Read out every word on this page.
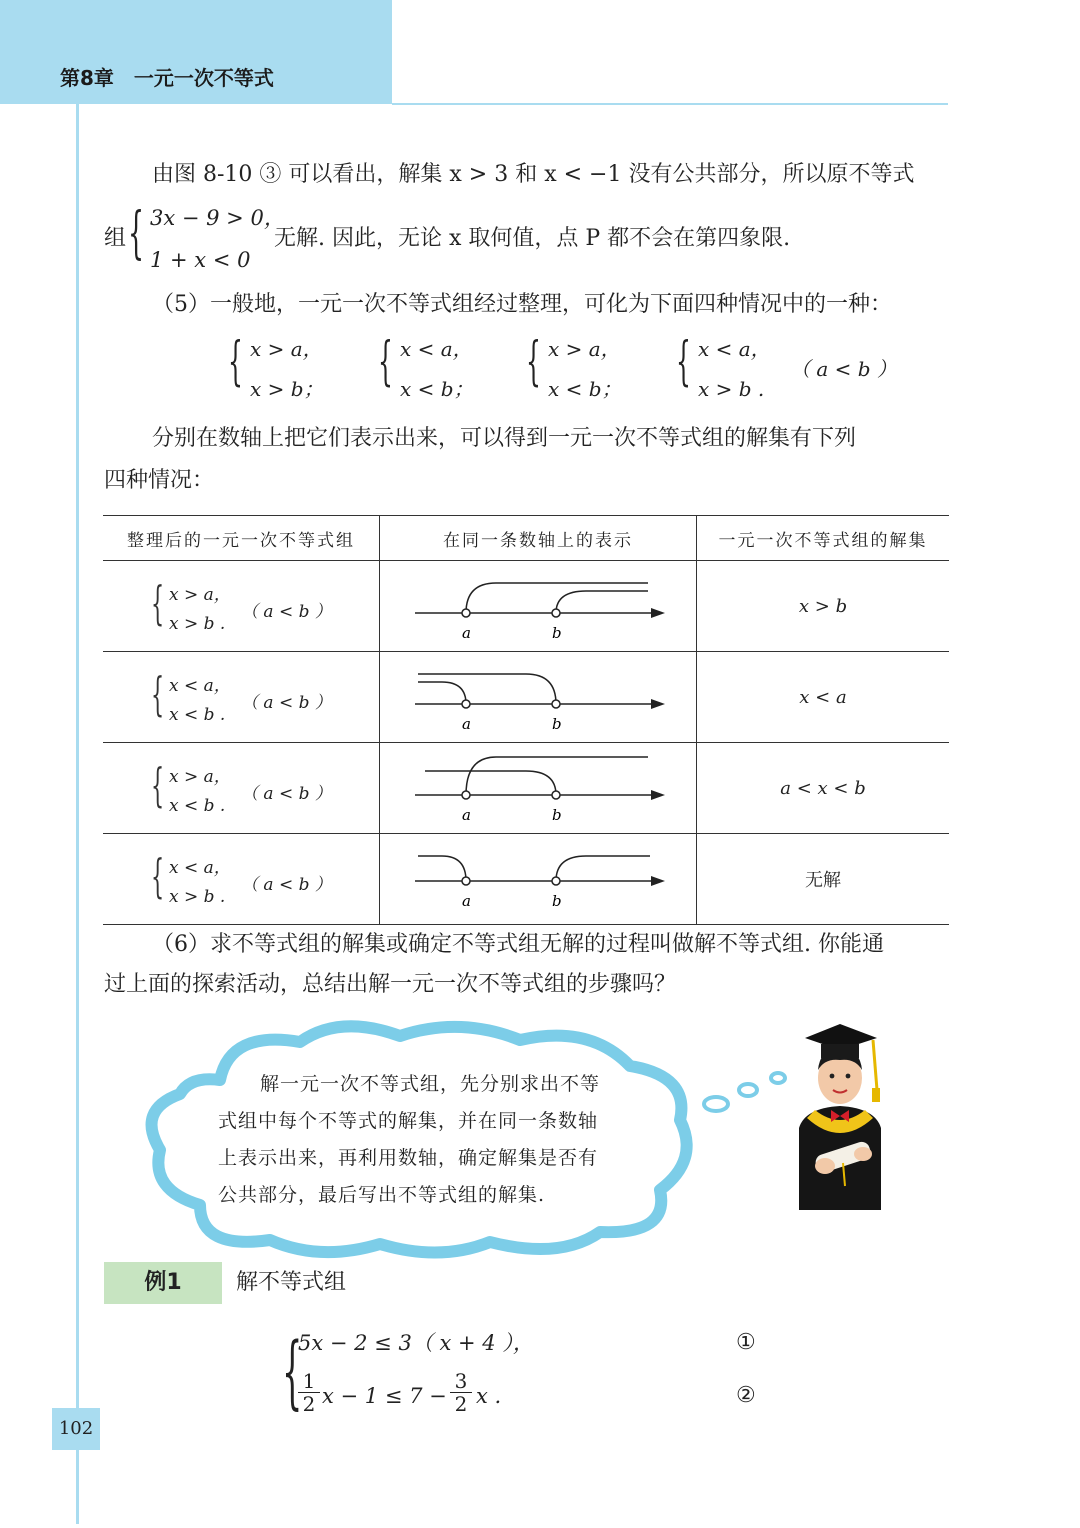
第8章　一元一次不等式
由图 8-10 ③ 可以看出，解集 x > 3 和 x < −1 没有公共部分，所以原不等式
组 { 3x − 9 > 0，
1 + x < 0
无解. 因此，无论 x 取何值，点 P 都不会在第四象限.
（5）一般地，一元一次不等式组经过整理，可化为下面四种情况中的一种：
{ x > a，
x > b； { x < a，
x < b； { x > a，
x < b； { x < a，
x > b .
（ a < b ）
分别在数轴上把它们表示出来，可以得到一元一次不等式组的解集有下列
四种情况：
整理后的一元一次不等式组	在同一条数轴上的表示	一元一次不等式组的解集

{ x > a，
x > b .
（ a < b ）	a b	x > b

{ x < a，
x < b .
（ a < b ）	a b	x < a

{ x > a，
x < b .
（ a < b ）	a b	a < x < b

{ x < a，
x > b .
（ a < b ）	a b	无解
（6）求不等式组的解集或确定不等式组无解的过程叫做解不等式组. 你能通
过上面的探索活动，总结出解一元一次不等式组的步骤吗？
解一元一次不等式组，先分别求出不等
式组中每个不等式的解集，并在同一条数轴
上表示出来，再利用数轴，确定解集是否有
公共部分，最后写出不等式组的解集.
例1	解不等式组
{
5x − 2 ≤ 3（ x + 4 ），	①
$\frac{1}{2}$ $x - 1 \le 7 - \frac{3}{2}$ x .	②
102
